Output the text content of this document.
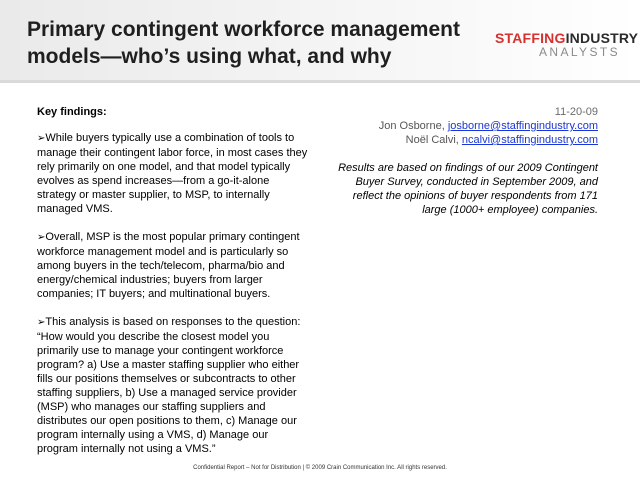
Primary contingent workforce management models—who’s using what, and why
STAFFINGINDUSTRY
ANALYSTS
Key findings:
➢While buyers typically use a combination of tools to manage their contingent labor force, in most cases they rely primarily on one model, and that model typically evolves as spend increases—from a go-it-alone strategy or master supplier, to MSP, to internally managed VMS.
➢Overall, MSP is the most popular primary contingent workforce management model and is particularly so among buyers in the tech/telecom, pharma/bio and energy/chemical industries; buyers from larger companies; IT buyers; and multinational buyers.
➢This analysis is based on responses to the question: “How would you describe the closest model you primarily use to manage your contingent workforce program? a) Use a master staffing supplier who either fills our positions themselves or subcontracts to other staffing suppliers, b) Use a managed service provider (MSP) who manages our staffing suppliers and distributes our open positions to them, c) Manage our program internally using a VMS, d) Manage our program internally not using a VMS.”
11-20-09
Jon Osborne, josborne@staffingindustry.com
Noël Calvi, ncalvi@staffingindustry.com
Results are based on findings of our 2009 Contingent Buyer Survey, conducted in September 2009, and reflect the opinions of buyer respondents from 171 large (1000+ employee) companies.
Confidential Report – Not for Distribution | © 2009 Crain Communication Inc. All rights reserved.
